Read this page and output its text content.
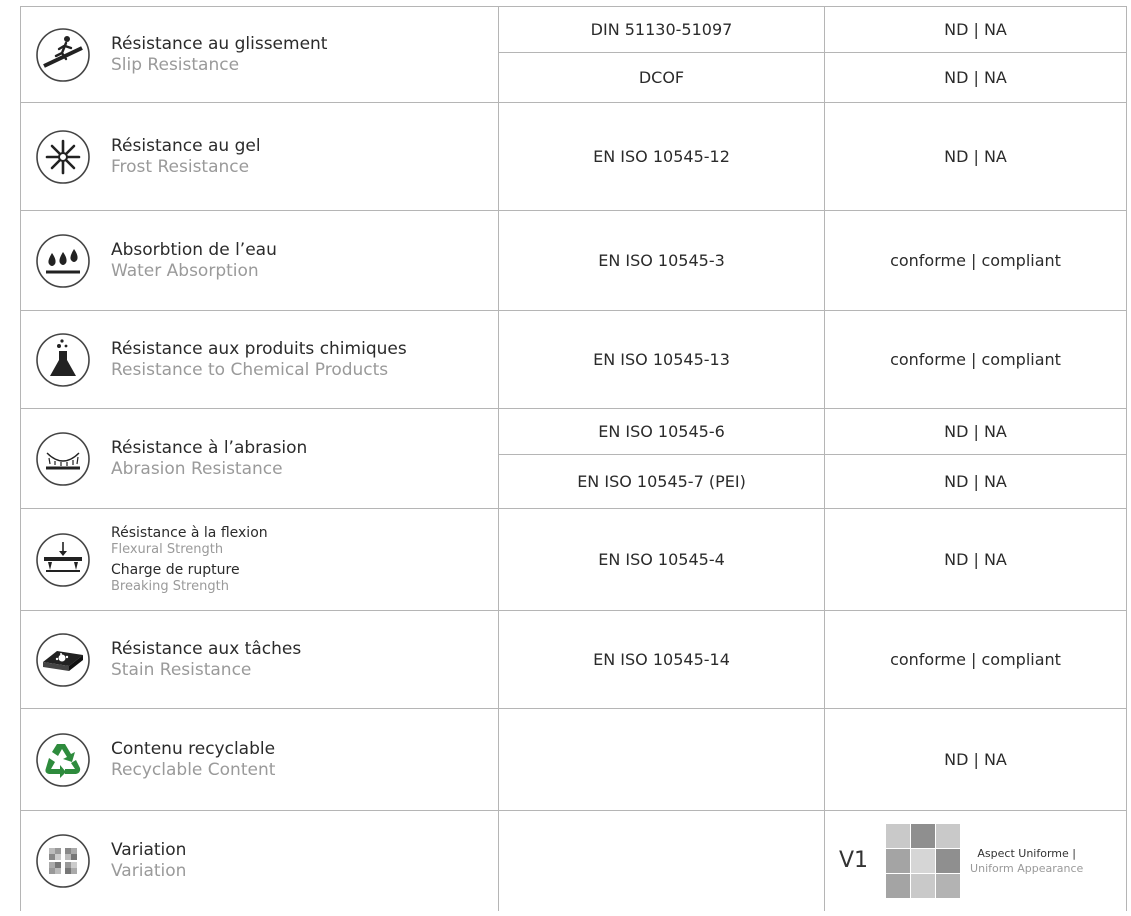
Résistance au glissement
Slip Resistance	DIN 51130-51097	ND | NA
	DCOF	ND | NA

Résistance au gel
Frost Resistance	EN ISO 10545-12	ND | NA

Absorbtion de l’eau
Water Absorption	EN ISO 10545-3	conforme | compliant

Résistance aux produits chimiques
Resistance to Chemical Products	EN ISO 10545-13	conforme | compliant

Résistance à l’abrasion
Abrasion Resistance	EN ISO 10545-6	ND | NA
	EN ISO 10545-7 (PEI)	ND | NA

Résistance à la flexion
Flexural Strength
Charge de rupture
Breaking Strength	EN ISO 10545-4	ND | NA

Résistance aux tâches
Stain Resistance	EN ISO 10545-14	conforme | compliant

Contenu recyclable
Recyclable Content		ND | NA

Variation
Variation		V1 Aspect Uniforme |
Uniform Appearance
